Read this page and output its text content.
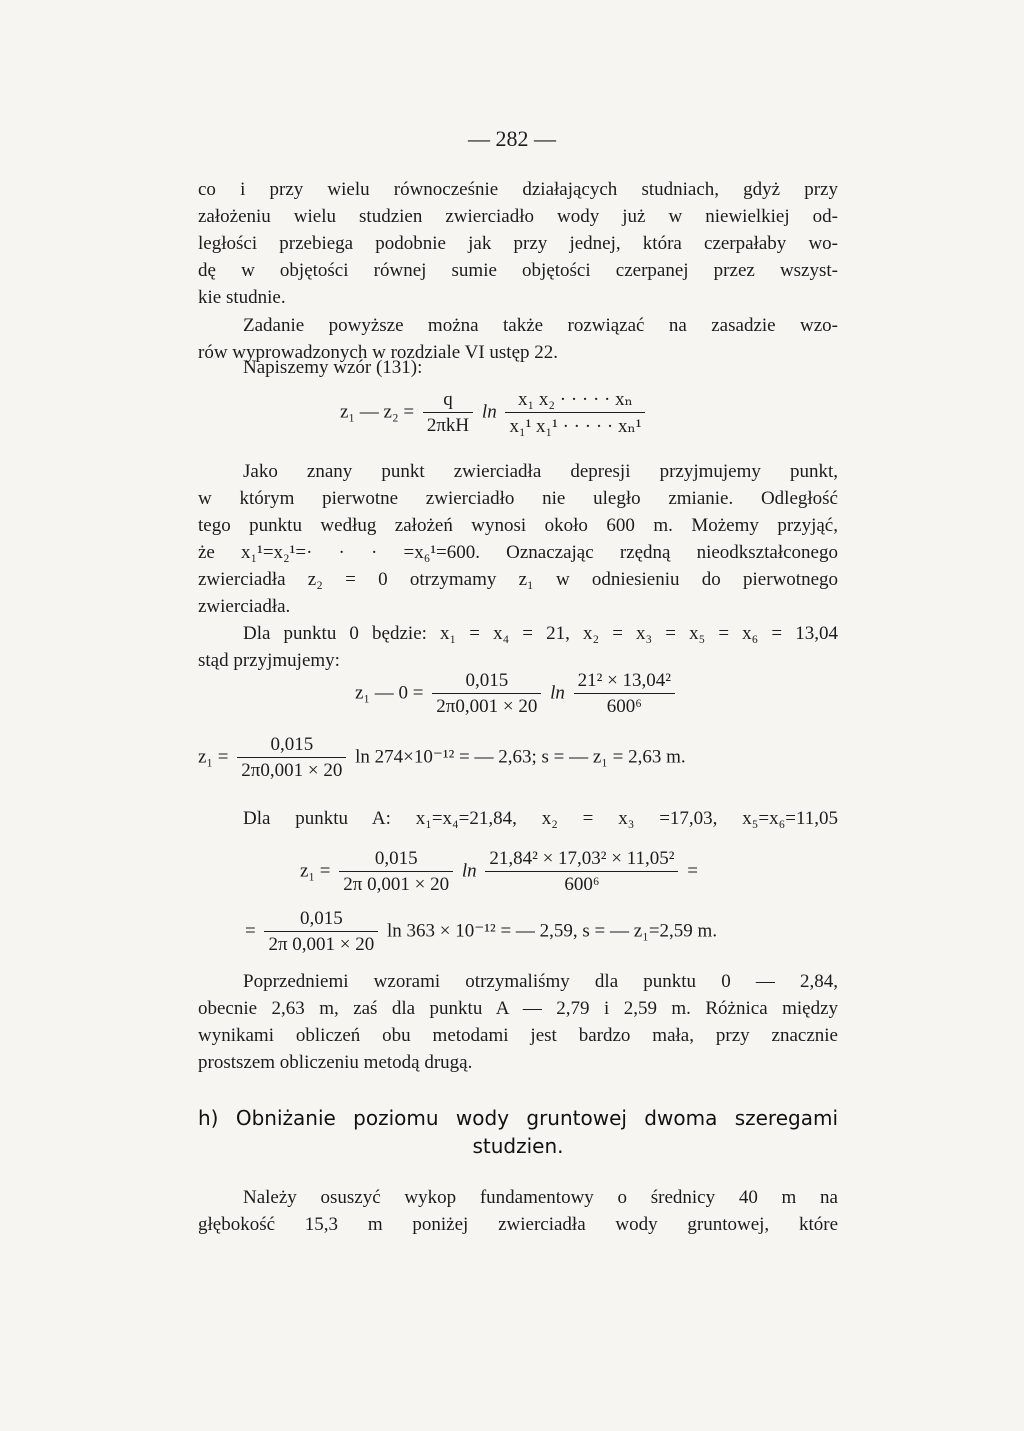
— 282 —
co i przy wielu równocześnie działających studniach, gdyż przy
założeniu wielu studzien zwierciadło wody już w niewielkiej od-
ległości przebiega podobnie jak przy jednej, która czerpałaby wo-
dę w objętości równej sumie objętości czerpanej przez wszyst-
kie studnie.
Zadanie powyższe można także rozwiązać na zasadzie wzo-
rów wyprowadzonych w rozdziale VI ustęp 22.
Napiszemy wzór (131):
z₁ — $z_2 = \frac{q}{\text{2πkH}}$ $\ln \frac{\text{x₁ x₂ · · · · · xₙ}}{\text{x₁¹ x₁¹ · · · · · xₙ¹}}$
Jako znany punkt zwierciadła depresji przyjmujemy punkt,
w którym pierwotne zwierciadło nie uległo zmianie. Odległość
tego punktu według założeń wynosi około 600 m. Możemy przyjąć,
że x₁¹=x₂¹=· · · =x₆¹=600. Oznaczając rzędną nieodkształconego
zwierciadła z₂ = 0 otrzymamy z₁ w odniesieniu do pierwotnego
zwierciadła.
Dla punktu 0 będzie: x₁ = x₄ = 21, x₂ = x₃ = x₅ = x₆ = 13,04
stąd przyjmujemy:
z₁ — $0 = \frac{0,015}{2\pi 0,001 \times 20}$ $\ln \frac{\text{21² × 13,04²}}{\text{600⁶}}$
$z_1 = \frac{0,015}{2\pi 0,001 \times 20}$ ln 274×10⁻¹² = — 2,63; s = — z₁ = 2,63 m.
Dla punktu A: x₁=x₄=21,84, x₂ = x₃ =17,03, x₅=x₆=11,05
$z_1 = \frac{0,015}{2\pi 0,001 \times 20}$ $\ln \frac{\text{21,84² × 17,03² × 11,05²}}{\text{600⁶}}$ =
= $\frac{0,015}{2\pi 0,001 \times 20}$ ln 363 × 10⁻¹² = — 2,59, s = — z₁=2,59 m.
Poprzedniemi wzorami otrzymaliśmy dla punktu 0 — 2,84,
obecnie 2,63 m, zaś dla punktu A — 2,79 i 2,59 m. Różnica między
wynikami obliczeń obu metodami jest bardzo mała, przy znacznie
prostszem obliczeniu metodą drugą.
h) Obniżanie poziomu wody gruntowej dwoma szeregami
studzien.
Należy osuszyć wykop fundamentowy o średnicy 40 m na
głębokość 15,3 m poniżej zwierciadła wody gruntowej, które
